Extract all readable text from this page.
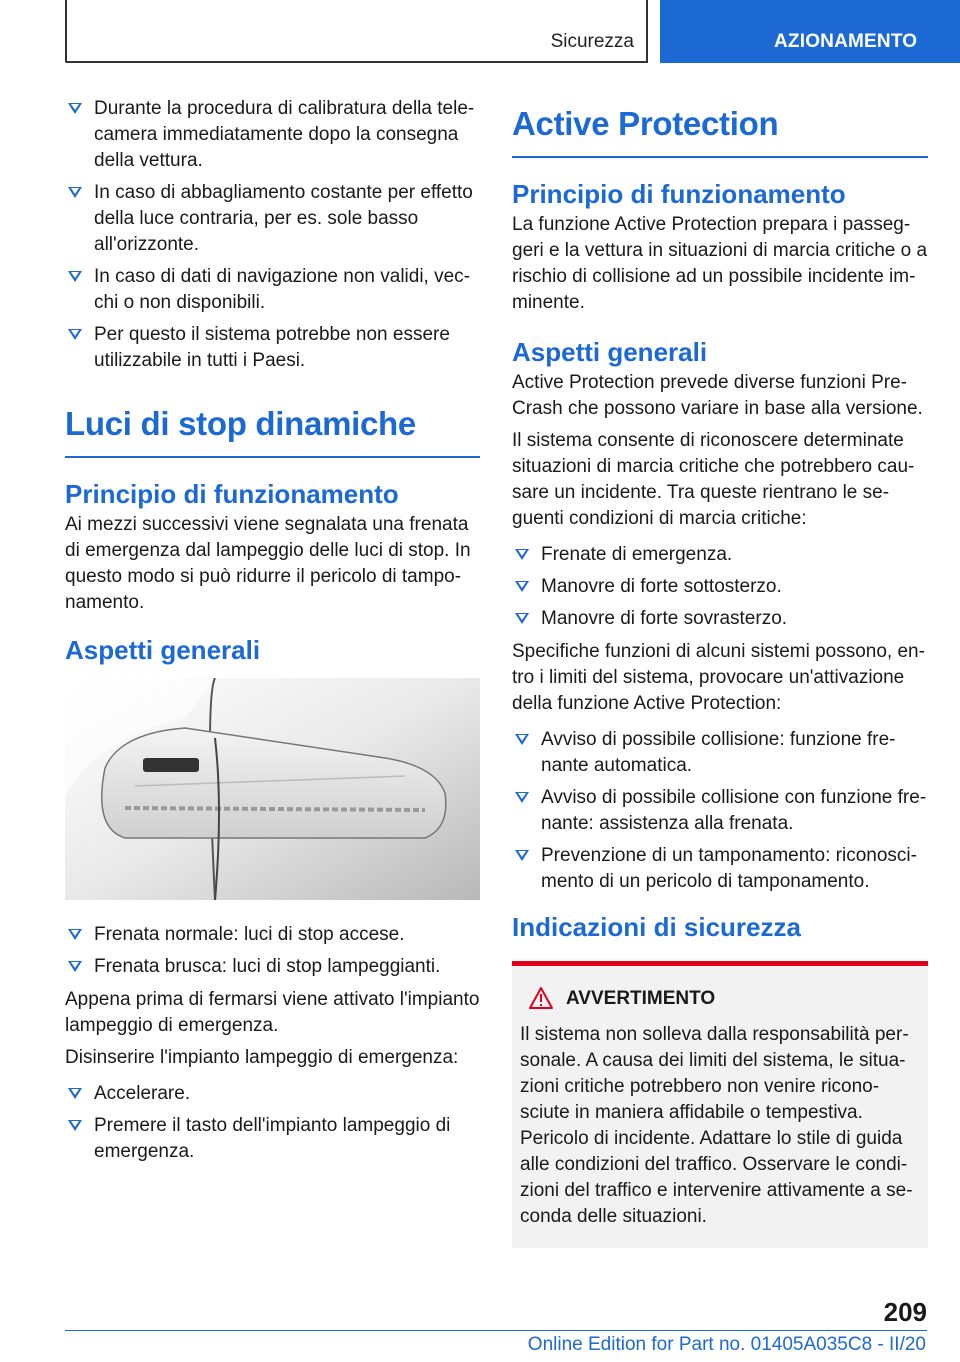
Sicurezza	AZIONAMENTO
Durante la procedura di calibratura della telecamera immediatamente dopo la consegna della vettura.
In caso di abbagliamento costante per effetto della luce contraria, per es. sole basso all'orizzonte.
In caso di dati di navigazione non validi, vecchi o non disponibili.
Per questo il sistema potrebbe non essere utilizzabile in tutti i Paesi.
Luci di stop dinamiche
Principio di funzionamento

Ai mezzi successivi viene segnalata una frenata di emergenza dal lampeggio delle luci di stop. In questo modo si può ridurre il pericolo di tamponamento.

Aspetti generali
Frenata normale: luci di stop accese.
Frenata brusca: luci di stop lampeggianti.

Appena prima di fermarsi viene attivato l'impianto lampeggio di emergenza.

Disinserire l'impianto lampeggio di emergenza:

Accelerare.
Premere il tasto dell'impianto lampeggio di emergenza.
Active Protection
Principio di funzionamento

La funzione Active Protection prepara i passeggeri e la vettura in situazioni di marcia critiche o a rischio di collisione ad un possibile incidente imminente.

Aspetti generali

Active Protection prevede diverse funzioni Pre-Crash che possono variare in base alla versione.

Il sistema consente di riconoscere determinate situazioni di marcia critiche che potrebbero causare un incidente. Tra queste rientrano le seguenti condizioni di marcia critiche:

Frenate di emergenza.
Manovre di forte sottosterzo.
Manovre di forte sovrasterzo.

Specifiche funzioni di alcuni sistemi possono, entro i limiti del sistema, provocare un'attivazione della funzione Active Protection:

Avviso di possibile collisione: funzione frenante automatica.
Avviso di possibile collisione con funzione frenante: assistenza alla frenata.
Prevenzione di un tamponamento: riconoscimento di un pericolo di tamponamento.
Indicazioni di sicurezza
AVVERTIMENTO

Il sistema non solleva dalla responsabilità personale. A causa dei limiti del sistema, le situazioni critiche potrebbero non venire riconosciute in maniera affidabile o tempestiva. Pericolo di incidente. Adattare lo stile di guida alle condizioni del traffico. Osservare le condizioni del traffico e intervenire attivamente a seconda delle situazioni.

209
Online Edition for Part no. 01405A035C8 - II/20
